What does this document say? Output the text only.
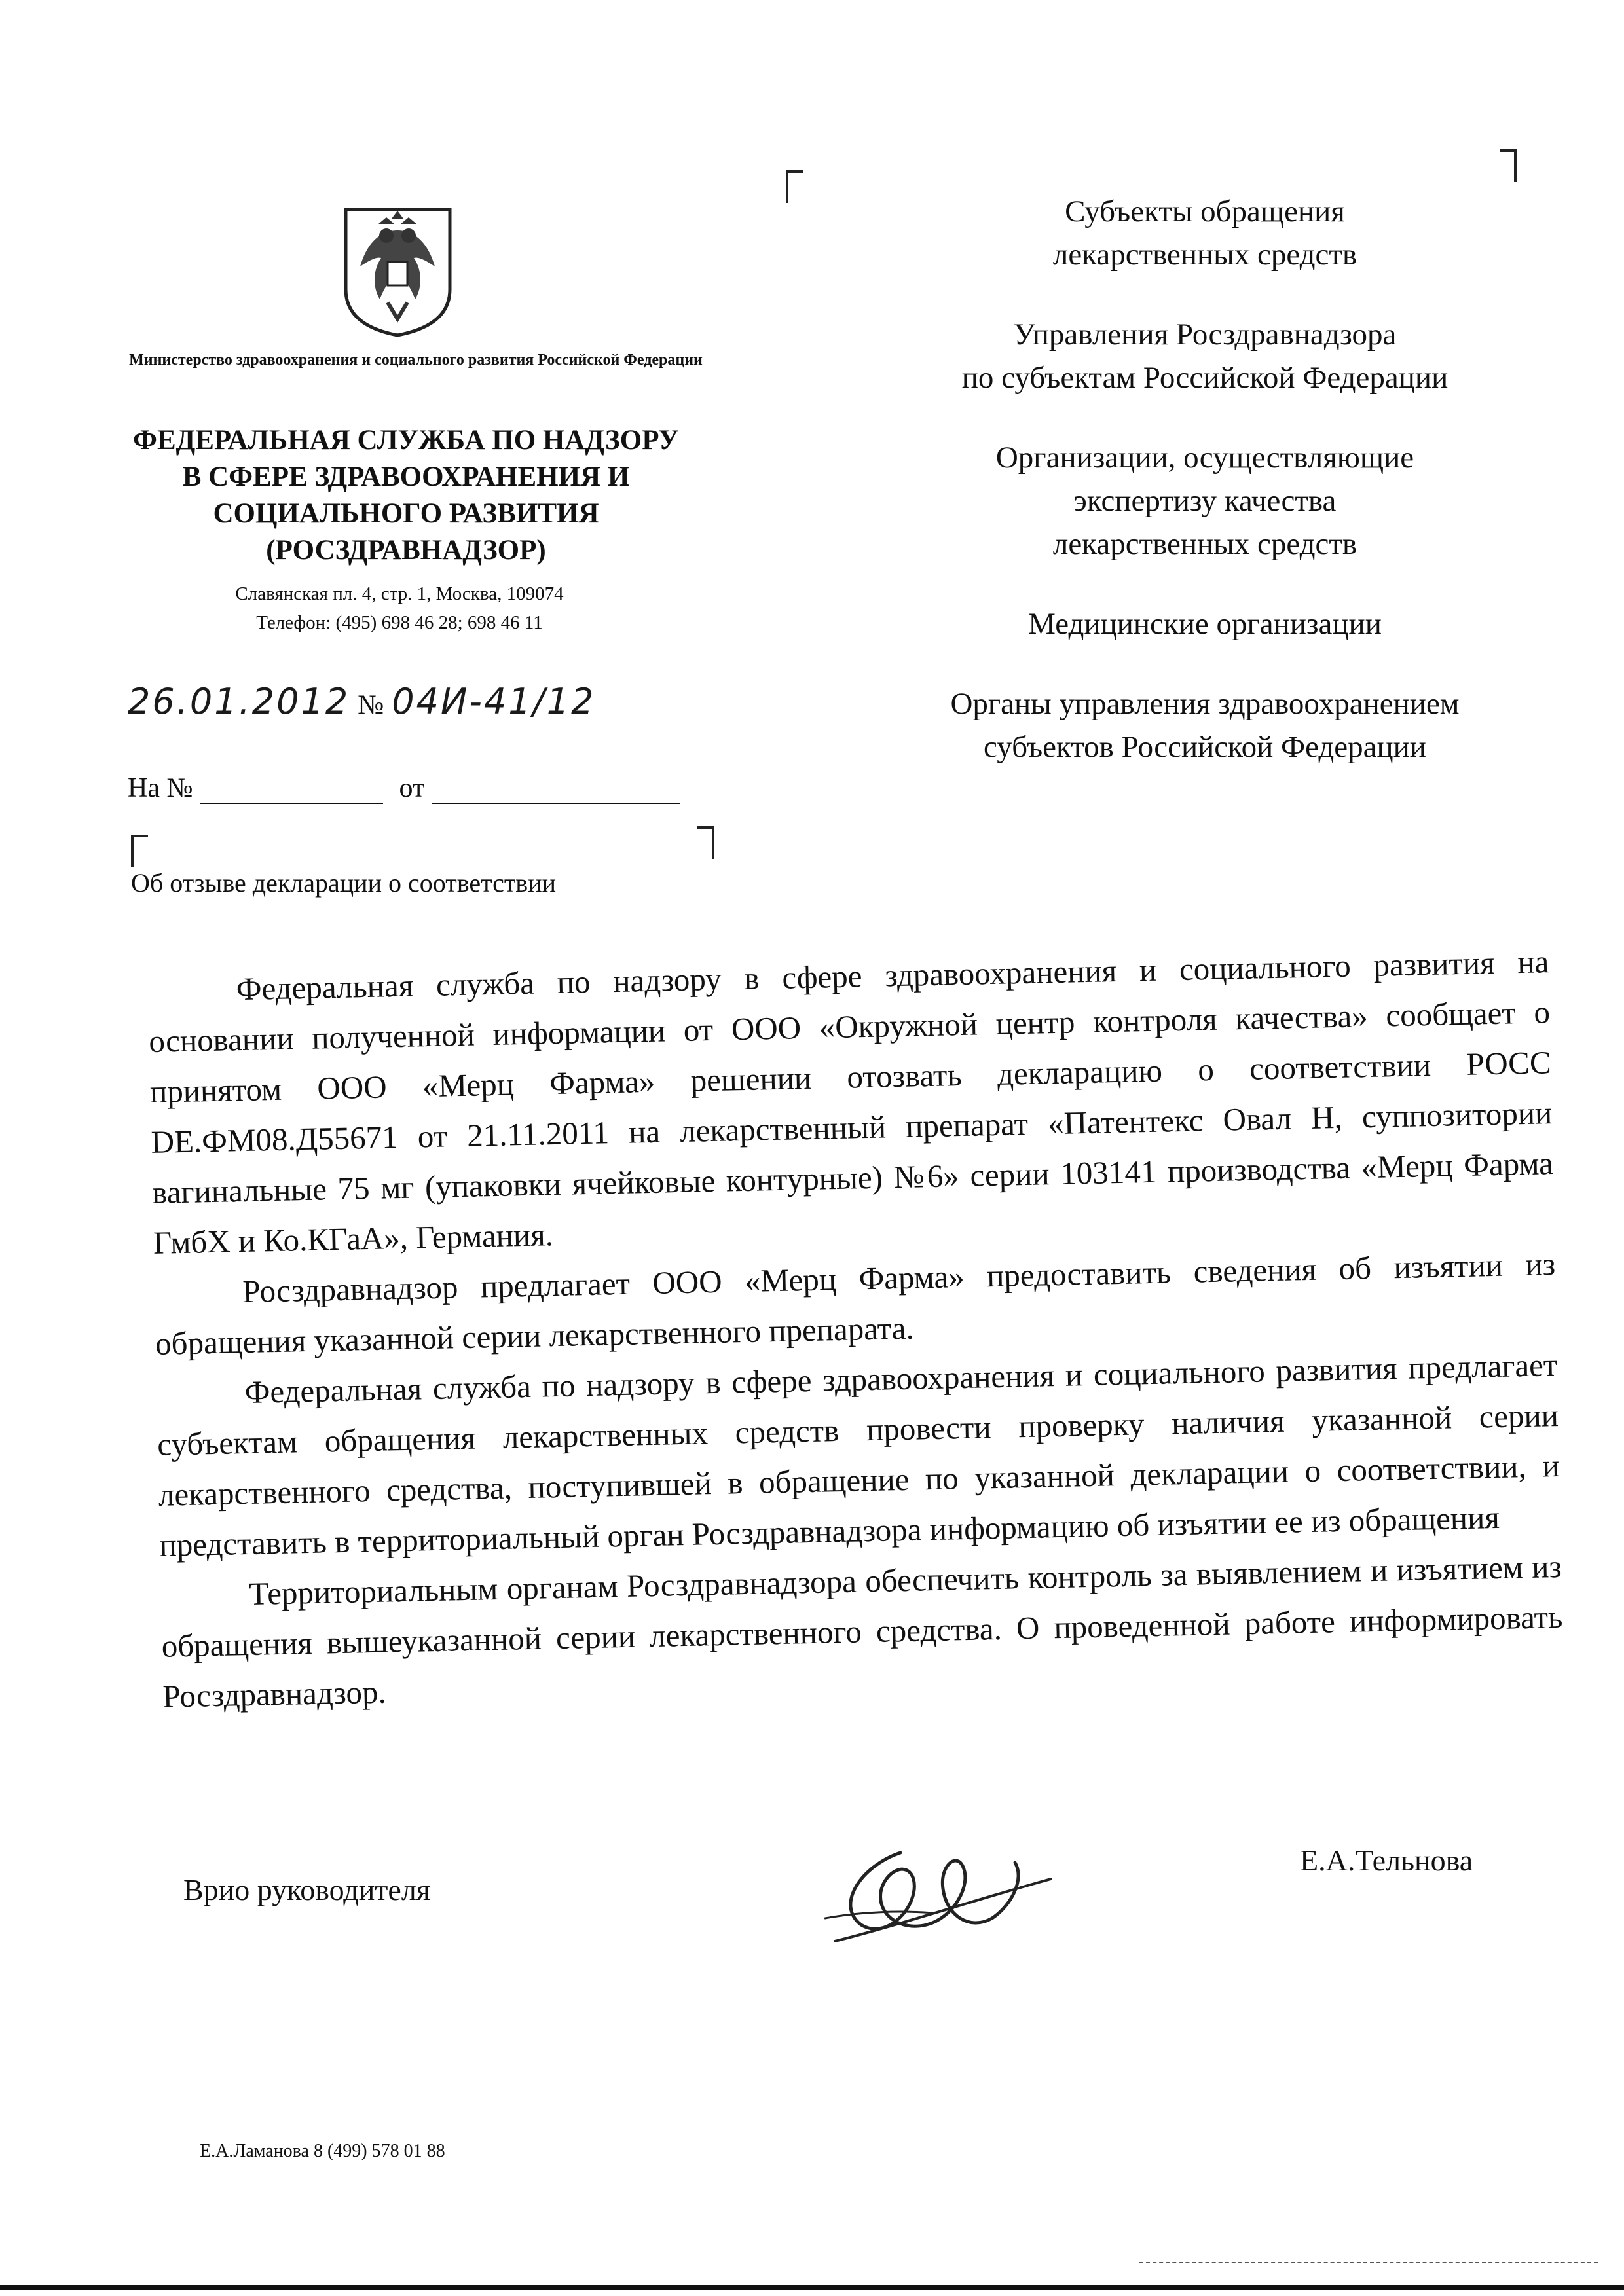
Министерство здравоохранения и социального развития Российской Федерации
ФЕДЕРАЛЬНАЯ СЛУЖБА ПО НАДЗОРУ
В СФЕРЕ ЗДРАВООХРАНЕНИЯ И
СОЦИАЛЬНОГО РАЗВИТИЯ
(РОСЗДРАВНАДЗОР)
Славянская пл. 4, стр. 1, Москва, 109074
Телефон: (495) 698 46 28; 698 46 11
26.01.2012 № 04И-41/12
На №	от
Об отзыве декларации о соответствии
Субъекты обращения
лекарственных средств
Управления Росздравнадзора
по субъектам Российской Федерации
Организации, осуществляющие
экспертизу качества
лекарственных средств
Медицинские организации
Органы управления здравоохранением
субъектов Российской Федерации

Федеральная служба по надзору в сфере здравоохранения и социального развития на основании полученной информации от ООО «Окружной центр контроля качества» сообщает о принятом ООО «Мерц Фарма» решении отозвать декларацию о соответствии РОСС DE.ФМ08.Д55671 от 21.11.2011 на лекарственный препарат «Патентекс Овал Н, суппозитории вагинальные 75 мг (упаковки ячейковые контурные) №6» серии 103141 производства «Мерц Фарма ГмбХ и Ко.КГаА», Германия.

Росздравнадзор предлагает ООО «Мерц Фарма» предоставить сведения об изъятии из обращения указанной серии лекарственного препарата.

Федеральная служба по надзору в сфере здравоохранения и социального развития предлагает субъектам обращения лекарственных средств провести проверку наличия указанной серии лекарственного средства, поступившей в обращение по указанной декларации о соответствии, и представить в территориальный орган Росздравнадзора информацию об изъятии ее из обращения

Территориальным органам Росздравнадзора обеспечить контроль за выявлением и изъятием из обращения вышеуказанной серии лекарственного средства. О проведенной работе информировать Росздравнадзор.

Врио руководителя
Е.А.Тельнова
Е.А.Ламанова 8 (499) 578 01 88
